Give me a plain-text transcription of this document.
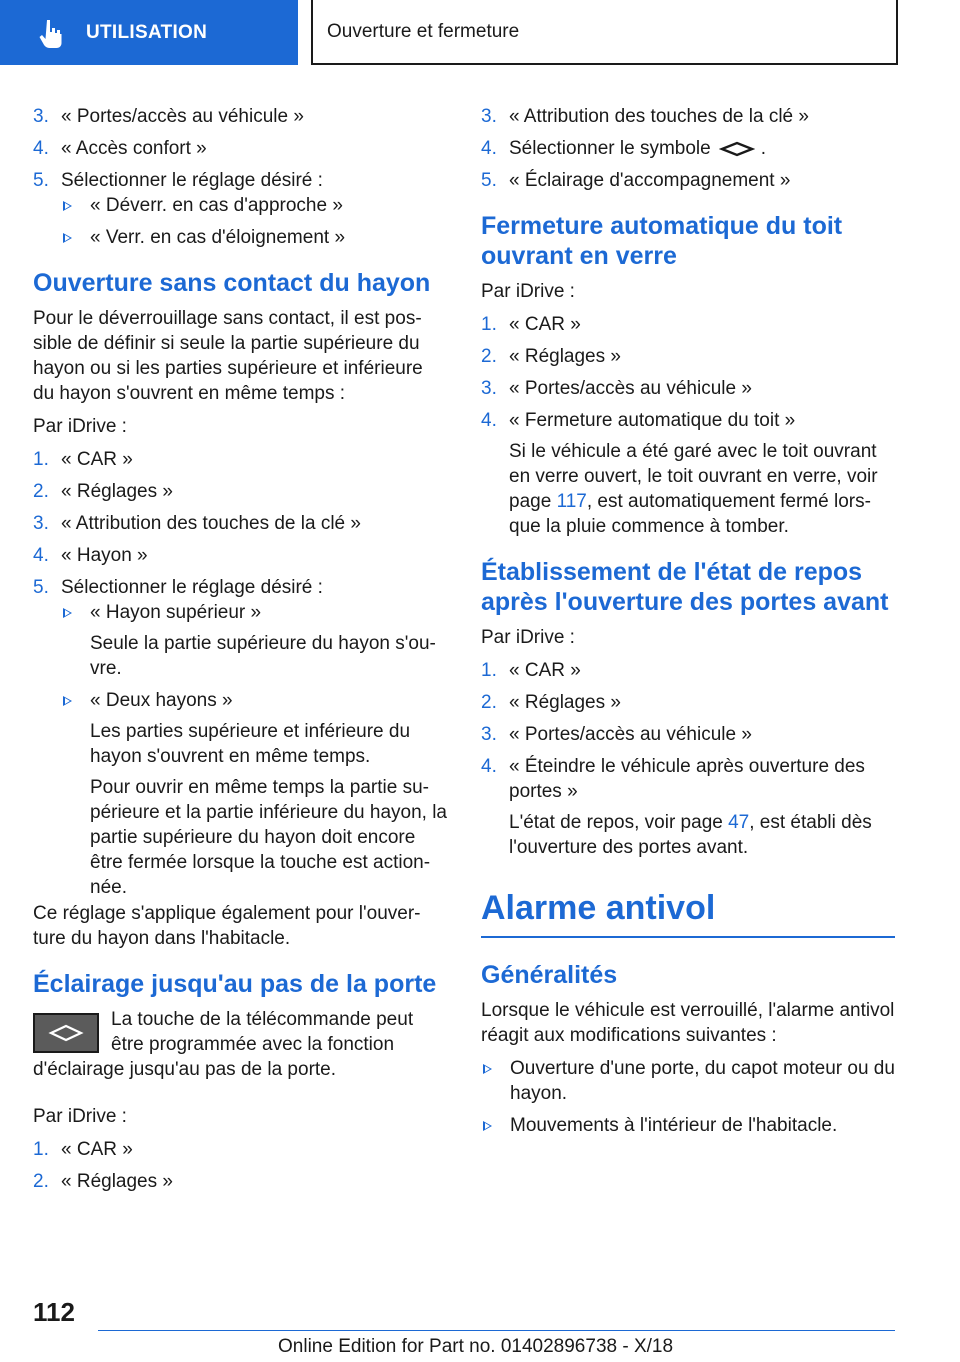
UTILISATION	Ouverture et fermeture
3. « Portes/accès au véhicule »
4. « Accès confort »
5. Sélectionner le réglage désiré :
« Déverr. en cas d'approche »
« Verr. en cas d'éloignement »
Ouverture sans contact du hayon

Pour le déverrouillage sans contact, il est pos-sible de définir si seule la partie supérieure du hayon ou si les parties supérieure et inférieure du hayon s'ouvrent en même temps :

Par iDrive :

1. « CAR »
2. « Réglages »
3. « Attribution des touches de la clé »
4. « Hayon »
5. Sélectionner le réglage désiré :
« Hayon supérieur »
Seule la partie supérieure du hayon s'ou-vre.
« Deux hayons »
Les parties supérieure et inférieure du hayon s'ouvrent en même temps.
Pour ouvrir en même temps la partie su-périeure et la partie inférieure du hayon, la partie supérieure du hayon doit encore être fermée lorsque la touche est action-née.

Ce réglage s'applique également pour l'ouver-ture du hayon dans l'habitacle.

Éclairage jusqu'au pas de la porte

La touche de la télécommande peut être programmée avec la fonction d'éclairage jusqu'au pas de la porte.

Par iDrive :

1. « CAR »
2. « Réglages »
3. « Attribution des touches de la clé »
4. Sélectionner le symbole	.
5. « Éclairage d'accompagnement »
Fermeture automatique du toit ouvrant en verre

Par iDrive :

1. « CAR »
2. « Réglages »
3. « Portes/accès au véhicule »
4. « Fermeture automatique du toit »
Si le véhicule a été garé avec le toit ouvrant en verre ouvert, le toit ouvrant en verre, voir page 117, est automatiquement fermé lors-que la pluie commence à tomber.
Établissement de l'état de repos après l'ouverture des portes avant

Par iDrive :

1. « CAR »
2. « Réglages »
3. « Portes/accès au véhicule »
4. « Éteindre le véhicule après ouverture des portes »
L'état de repos, voir page 47, est établi dès l'ouverture des portes avant.
Alarme antivol
Généralités

Lorsque le véhicule est verrouillé, l'alarme antivol réagit aux modifications suivantes :

Ouverture d'une porte, du capot moteur ou du hayon.
Mouvements à l'intérieur de l'habitacle.
112
Online Edition for Part no. 01402896738 - X/18
